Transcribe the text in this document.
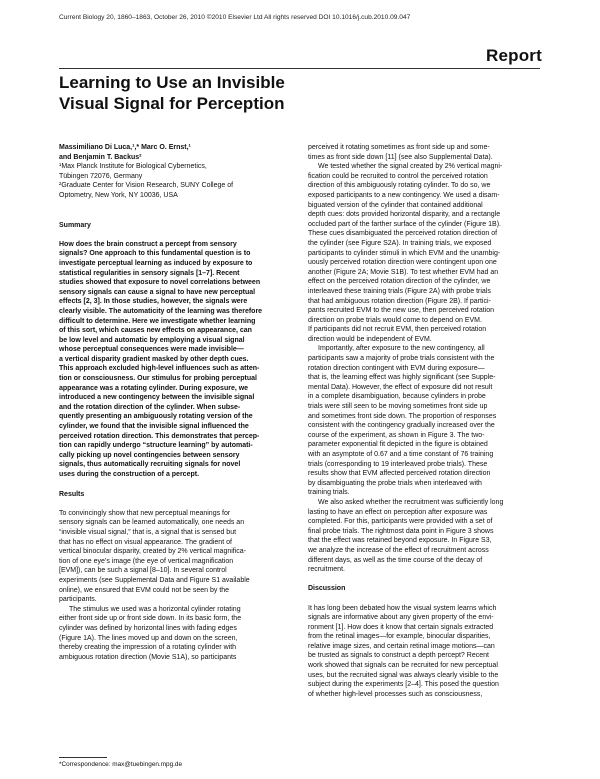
Current Biology 20, 1860–1863, October 26, 2010 ©2010 Elsevier Ltd All rights reserved DOI 10.1016/j.cub.2010.09.047
Report
Learning to Use an Invisible
Visual Signal for Perception
Massimiliano Di Luca,¹,* Marc O. Ernst,¹
and Benjamin T. Backus²
¹Max Planck Institute for Biological Cybernetics,
Tübingen 72076, Germany
²Graduate Center for Vision Research, SUNY College of
Optometry, New York, NY 10036, USA
Summary
How does the brain construct a percept from sensory
signals? One approach to this fundamental question is to
investigate perceptual learning as induced by exposure to
statistical regularities in sensory signals [1–7]. Recent
studies showed that exposure to novel correlations between
sensory signals can cause a signal to have new perceptual
effects [2, 3]. In those studies, however, the signals were
clearly visible. The automaticity of the learning was therefore
difficult to determine. Here we investigate whether learning
of this sort, which causes new effects on appearance, can
be low level and automatic by employing a visual signal
whose perceptual consequences were made invisible—
a vertical disparity gradient masked by other depth cues.
This approach excluded high-level influences such as atten-
tion or consciousness. Our stimulus for probing perceptual
appearance was a rotating cylinder. During exposure, we
introduced a new contingency between the invisible signal
and the rotation direction of the cylinder. When subse-
quently presenting an ambiguously rotating version of the
cylinder, we found that the invisible signal influenced the
perceived rotation direction. This demonstrates that percep-
tion can rapidly undergo “structure learning” by automati-
cally picking up novel contingencies between sensory
signals, thus automatically recruiting signals for novel
uses during the construction of a percept.
Results
To convincingly show that new perceptual meanings for
sensory signals can be learned automatically, one needs an
“invisible visual signal,” that is, a signal that is sensed but
that has no effect on visual appearance. The gradient of
vertical binocular disparity, created by 2% vertical magnifica-
tion of one eye’s image (the eye of vertical magnification
[EVM]), can be such a signal [8–10]. In several control
experiments (see Supplemental Data and Figure S1 available
online), we ensured that EVM could not be seen by the
participants.
The stimulus we used was a horizontal cylinder rotating
either front side up or front side down. In its basic form, the
cylinder was defined by horizontal lines with fading edges
(Figure 1A). The lines moved up and down on the screen,
thereby creating the impression of a rotating cylinder with
ambiguous rotation direction (Movie S1A), so participants
perceived it rotating sometimes as front side up and some-
times as front side down [11] (see also Supplemental Data).
We tested whether the signal created by 2% vertical magni-
fication could be recruited to control the perceived rotation
direction of this ambiguously rotating cylinder. To do so, we
exposed participants to a new contingency. We used a disam-
biguated version of the cylinder that contained additional
depth cues: dots provided horizontal disparity, and a rectangle
occluded part of the farther surface of the cylinder (Figure 1B).
These cues disambiguated the perceived rotation direction of
the cylinder (see Figure S2A). In training trials, we exposed
participants to cylinder stimuli in which EVM and the unambig-
uously perceived rotation direction were contingent upon one
another (Figure 2A; Movie S1B). To test whether EVM had an
effect on the perceived rotation direction of the cylinder, we
interleaved these training trials (Figure 2A) with probe trials
that had ambiguous rotation direction (Figure 2B). If partici-
pants recruited EVM to the new use, then perceived rotation
direction on probe trials would come to depend on EVM.
If participants did not recruit EVM, then perceived rotation
direction would be independent of EVM.
Importantly, after exposure to the new contingency, all
participants saw a majority of probe trials consistent with the
rotation direction contingent with EVM during exposure—
that is, the learning effect was highly significant (see Supple-
mental Data). However, the effect of exposure did not result
in a complete disambiguation, because cylinders in probe
trials were still seen to be moving sometimes front side up
and sometimes front side down. The proportion of responses
consistent with the contingency gradually increased over the
course of the experiment, as shown in Figure 3. The two-
parameter exponential fit depicted in the figure is obtained
with an asymptote of 0.67 and a time constant of 76 training
trials (corresponding to 19 interleaved probe trials). These
results show that EVM affected perceived rotation direction
by disambiguating the probe trials when interleaved with
training trials.
We also asked whether the recruitment was sufficiently long
lasting to have an effect on perception after exposure was
completed. For this, participants were provided with a set of
final probe trials. The rightmost data point in Figure 3 shows
that the effect was retained beyond exposure. In Figure S3,
we analyze the increase of the effect of recruitment across
different days, as well as the time course of the decay of
recruitment.
Discussion
It has long been debated how the visual system learns which
signals are informative about any given property of the envi-
ronment [1]. How does it know that certain signals extracted
from the retinal images—for example, binocular disparities,
relative image sizes, and certain retinal image motions—can
be trusted as signals to construct a depth percept? Recent
work showed that signals can be recruited for new perceptual
uses, but the recruited signal was always clearly visible to the
subject during the experiments [2–4]. This posed the question
of whether high-level processes such as consciousness,
*Correspondence: max@tuebingen.mpg.de
